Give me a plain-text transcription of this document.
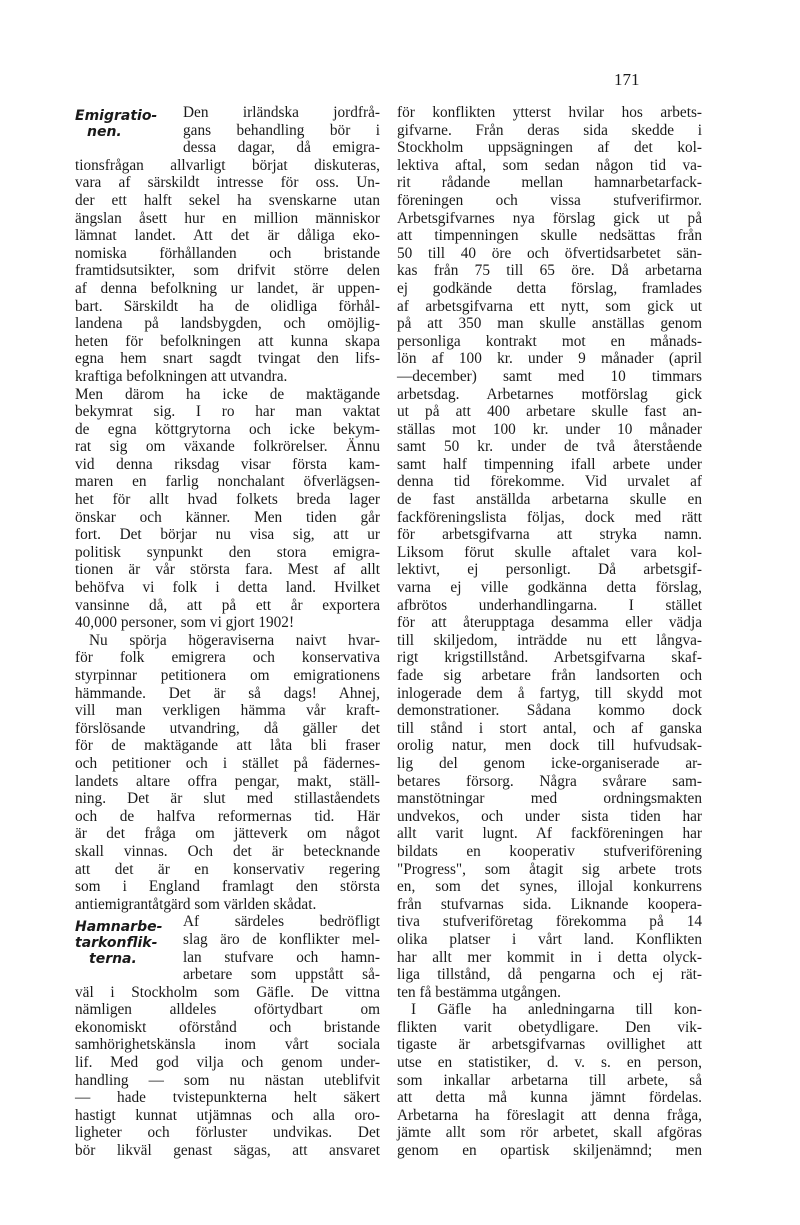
171
Emigratio-
nen.
Den irländska jordfrå-
gans behandling bör i
dessa dagar, då emigra-
tionsfrågan allvarligt börjat diskuteras,
vara af särskildt intresse för oss. Un-
der ett halft sekel ha svenskarne utan
ängslan åsett hur en million människor
lämnat landet. Att det är dåliga eko-
nomiska förhållanden och bristande
framtidsutsikter, som drifvit större delen
af denna befolkning ur landet, är uppen-
bart. Särskildt ha de olidliga förhål-
landena på landsbygden, och omöjlig-
heten för befolkningen att kunna skapa
egna hem snart sagdt tvingat den lifs-
kraftiga befolkningen att utvandra.
Men därom ha icke de maktägande
bekymrat sig. I ro har man vaktat
de egna köttgrytorna och icke bekym-
rat sig om växande folkrörelser. Ännu
vid denna riksdag visar första kam-
maren en farlig nonchalant öfverlägsen-
het för allt hvad folkets breda lager
önskar och känner. Men tiden går
fort. Det börjar nu visa sig, att ur
politisk synpunkt den stora emigra-
tionen är vår största fara. Mest af allt
behöfva vi folk i detta land. Hvilket
vansinne då, att på ett år exportera
40,000 personer, som vi gjort 1902!
Nu spörja högeraviserna naivt hvar-
för folk emigrera och konservativa
styrpinnar petitionera om emigrationens
hämmande. Det är så dags! Ahnej,
vill man verkligen hämma vår kraft-
förslösande utvandring, då gäller det
för de maktägande att låta bli fraser
och petitioner och i stället på fädernes-
landets altare offra pengar, makt, ställ-
ning. Det är slut med stillaståendets
och de halfva reformernas tid. Här
är det fråga om jätteverk om något
skall vinnas. Och det är betecknande
att det är en konservativ regering
som i England framlagt den största
antiemigrantåtgärd som världen skådat.
Hamnarbe-
tarkonflik-
terna.
Af särdeles bedröfligt
slag äro de konflikter mel-
lan stufvare och hamn-
arbetare som uppstått så-
väl i Stockholm som Gäfle. De vittna
nämligen alldeles oförtydbart om
ekonomiskt oförstånd och bristande
samhörighetskänsla inom vårt sociala
lif. Med god vilja och genom under-
handling — som nu nästan uteblifvit
— hade tvistepunkterna helt säkert
hastigt kunnat utjämnas och alla oro-
ligheter och förluster undvikas. Det
bör likväl genast sägas, att ansvaret
för konflikten ytterst hvilar hos arbets-
gifvarne. Från deras sida skedde i
Stockholm uppsägningen af det kol-
lektiva aftal, som sedan någon tid va-
rit rådande mellan hamnarbetarfack-
föreningen och vissa stufverifirmor.
Arbetsgifvarnes nya förslag gick ut på
att timpenningen skulle nedsättas från
50 till 40 öre och öfvertidsarbetet sän-
kas från 75 till 65 öre. Då arbetarna
ej godkände detta förslag, framlades
af arbetsgifvarna ett nytt, som gick ut
på att 350 man skulle anställas genom
personliga kontrakt mot en månads-
lön af 100 kr. under 9 månader (april
—december) samt med 10 timmars
arbetsdag. Arbetarnes motförslag gick
ut på att 400 arbetare skulle fast an-
ställas mot 100 kr. under 10 månader
samt 50 kr. under de två återstående
samt half timpenning ifall arbete under
denna tid förekomme. Vid urvalet af
de fast anställda arbetarna skulle en
fackföreningslista följas, dock med rätt
för arbetsgifvarna att stryka namn.
Liksom förut skulle aftalet vara kol-
lektivt, ej personligt. Då arbetsgif-
varna ej ville godkänna detta förslag,
afbrötos underhandlingarna. I stället
för att återupptaga desamma eller vädja
till skiljedom, inträdde nu ett långva-
rigt krigstillstånd. Arbetsgifvarna skaf-
fade sig arbetare från landsorten och
inlogerade dem å fartyg, till skydd mot
demonstrationer. Sådana kommo dock
till stånd i stort antal, och af ganska
orolig natur, men dock till hufvudsak-
lig del genom icke-organiserade ar-
betares försorg. Några svårare sam-
manstötningar med ordningsmakten
undvekos, och under sista tiden har
allt varit lugnt. Af fackföreningen har
bildats en kooperativ stufveriförening
"Progress", som åtagit sig arbete trots
en, som det synes, illojal konkurrens
från stufvarnas sida. Liknande koopera-
tiva stufveriföretag förekomma på 14
olika platser i vårt land. Konflikten
har allt mer kommit in i detta olyck-
liga tillstånd, då pengarna och ej rät-
ten få bestämma utgången.
I Gäfle ha anledningarna till kon-
flikten varit obetydligare. Den vik-
tigaste är arbetsgifvarnas ovillighet att
utse en statistiker, d. v. s. en person,
som inkallar arbetarna till arbete, så
att detta må kunna jämnt fördelas.
Arbetarna ha föreslagit att denna fråga,
jämte allt som rör arbetet, skall afgöras
genom en opartisk skiljenämnd; men
